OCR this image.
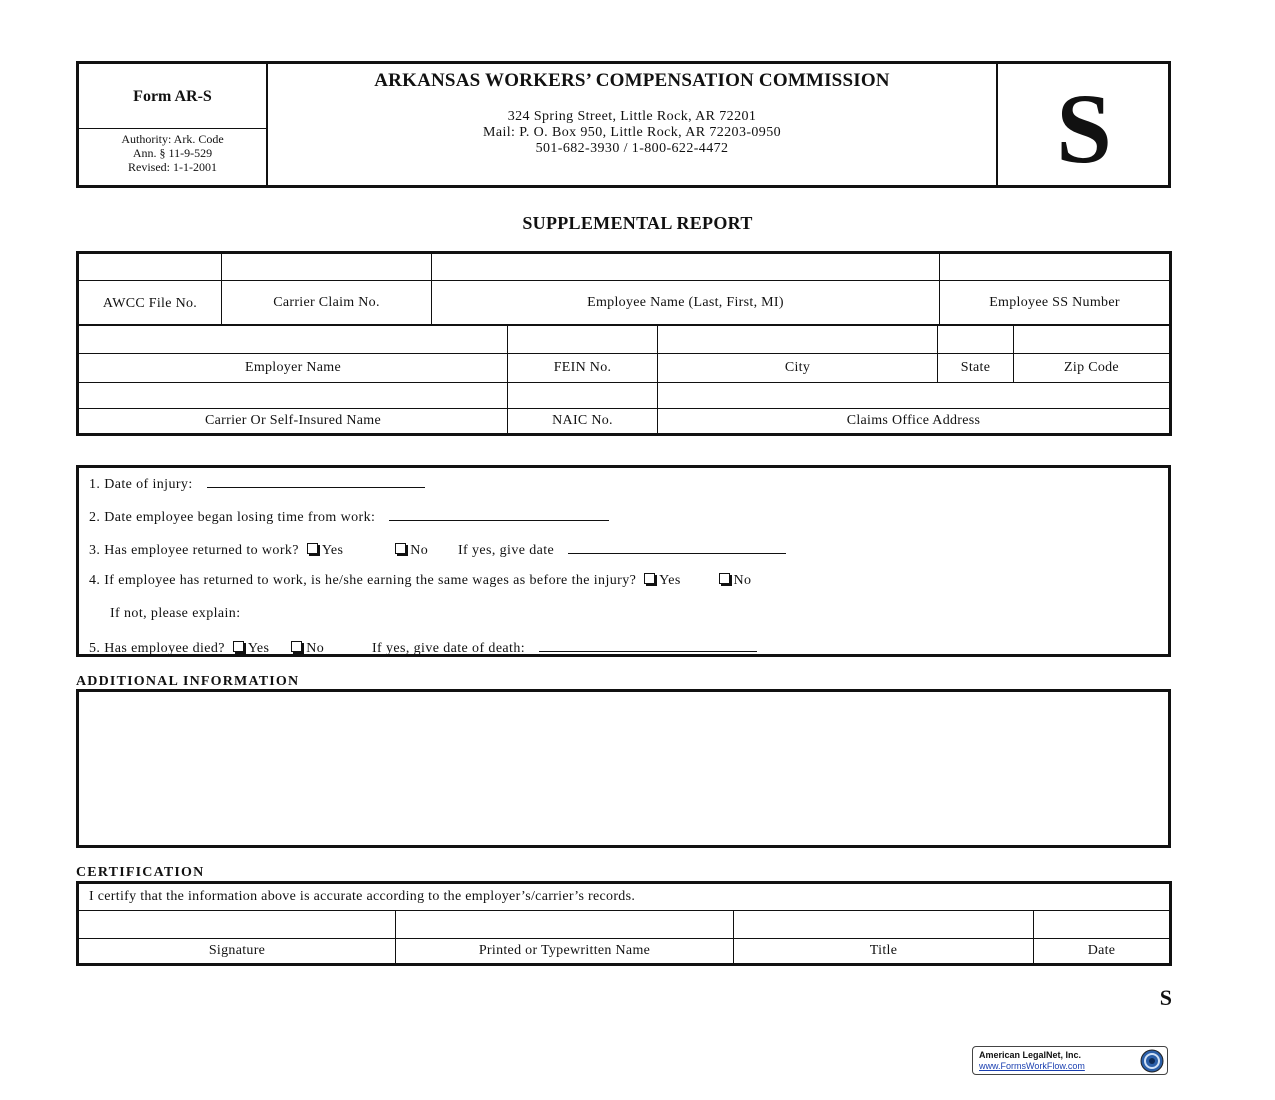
Form AR-S
Authority: Ark. Code
Ann. § 11-9-529
Revised: 1-1-2001
ARKANSAS WORKERS’ COMPENSATION COMMISSION
324 Spring Street, Little Rock, AR 72201
Mail: P. O. Box 950, Little Rock, AR 72203-0950
501-682-3930 / 1-800-622-4472	S
SUPPLEMENTAL REPORT

AWCC File No.	Carrier Claim No.	Employee Name (Last, First, MI)	Employee SS Number

Employer Name	FEIN No.	City	State	Zip Code

Carrier Or Self-Insured Name	NAIC No.	Claims Office Address
1. Date of injury:
2. Date employee began losing time from work:
3. Has employee returned to work? Yes	No If yes, give date
4. If employee has returned to work, is he/she earning the same wages as before the injury? Yes	No
If not, please explain:
5. Has employee died? Yes	No	If yes, give date of death:
ADDITIONAL INFORMATION
CERTIFICATION
I certify that the information above is accurate according to the employer’s/carrier’s records.			

Signature	Printed or Typewritten Name	Title	Date
S
American LegalNet, Inc.
www.FormsWorkFlow.com
